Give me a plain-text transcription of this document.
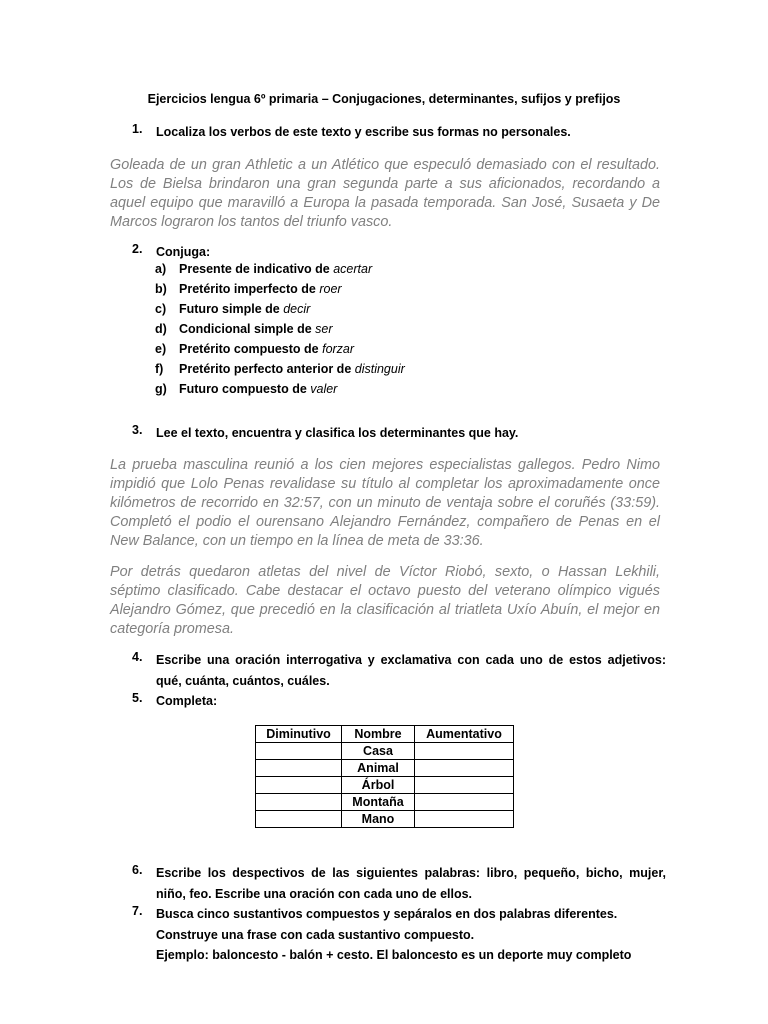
Ejercicios lengua 6º primaria – Conjugaciones, determinantes, sufijos y prefijos
1.	Localiza los verbos de este texto y escribe sus formas no personales.
Goleada de un gran Athletic a un Atlético que especuló demasiado con el resultado. Los de Bielsa brindaron una gran segunda parte a sus aficionados, recordando a aquel equipo que maravilló a Europa la pasada temporada. San José, Susaeta y De Marcos lograron los tantos del triunfo vasco.
2.	Conjuga:
a)	Presente de indicativo de acertar
b) Pretérito imperfecto de roer
c)	Futuro simple de decir
d) Condicional simple de ser
e)	Pretérito compuesto de forzar
f)	Pretérito perfecto anterior de distinguir
g) Futuro compuesto de valer
3.	Lee el texto, encuentra y clasifica los determinantes que hay.
La prueba masculina reunió a los cien mejores especialistas gallegos. Pedro Nimo impidió que Lolo Penas revalidase su título al completar los aproximadamente once kilómetros de recorrido en 32:57, con un minuto de ventaja sobre el coruñés (33:59). Completó el podio el ourensano Alejandro Fernández, compañero de Penas en el New Balance, con un tiempo en la línea de meta de 33:36.
Por detrás quedaron atletas del nivel de Víctor Riobó, sexto, o Hassan Lekhili, séptimo clasificado. Cabe destacar el octavo puesto del veterano olímpico vigués Alejandro Gómez, que precedió en la clasificación al triatleta Uxío Abuín, el mejor en categoría promesa.
4.	Escribe una oración interrogativa y exclamativa con cada uno de estos adjetivos: qué, cuánta, cuántos, cuáles.
5.	Completa:
Diminutivo	Nombre	Aumentativo
	Casa	
	Animal	
	Árbol	
	Montaña	
	Mano	
6.	Escribe los despectivos de las siguientes palabras: libro, pequeño, bicho, mujer, niño, feo. Escribe una oración con cada uno de ellos.
7.	Busca cinco sustantivos compuestos y sepáralos en dos palabras diferentes. Construye una frase con cada sustantivo compuesto.
Ejemplo: baloncesto - balón + cesto. El baloncesto es un deporte muy completo
